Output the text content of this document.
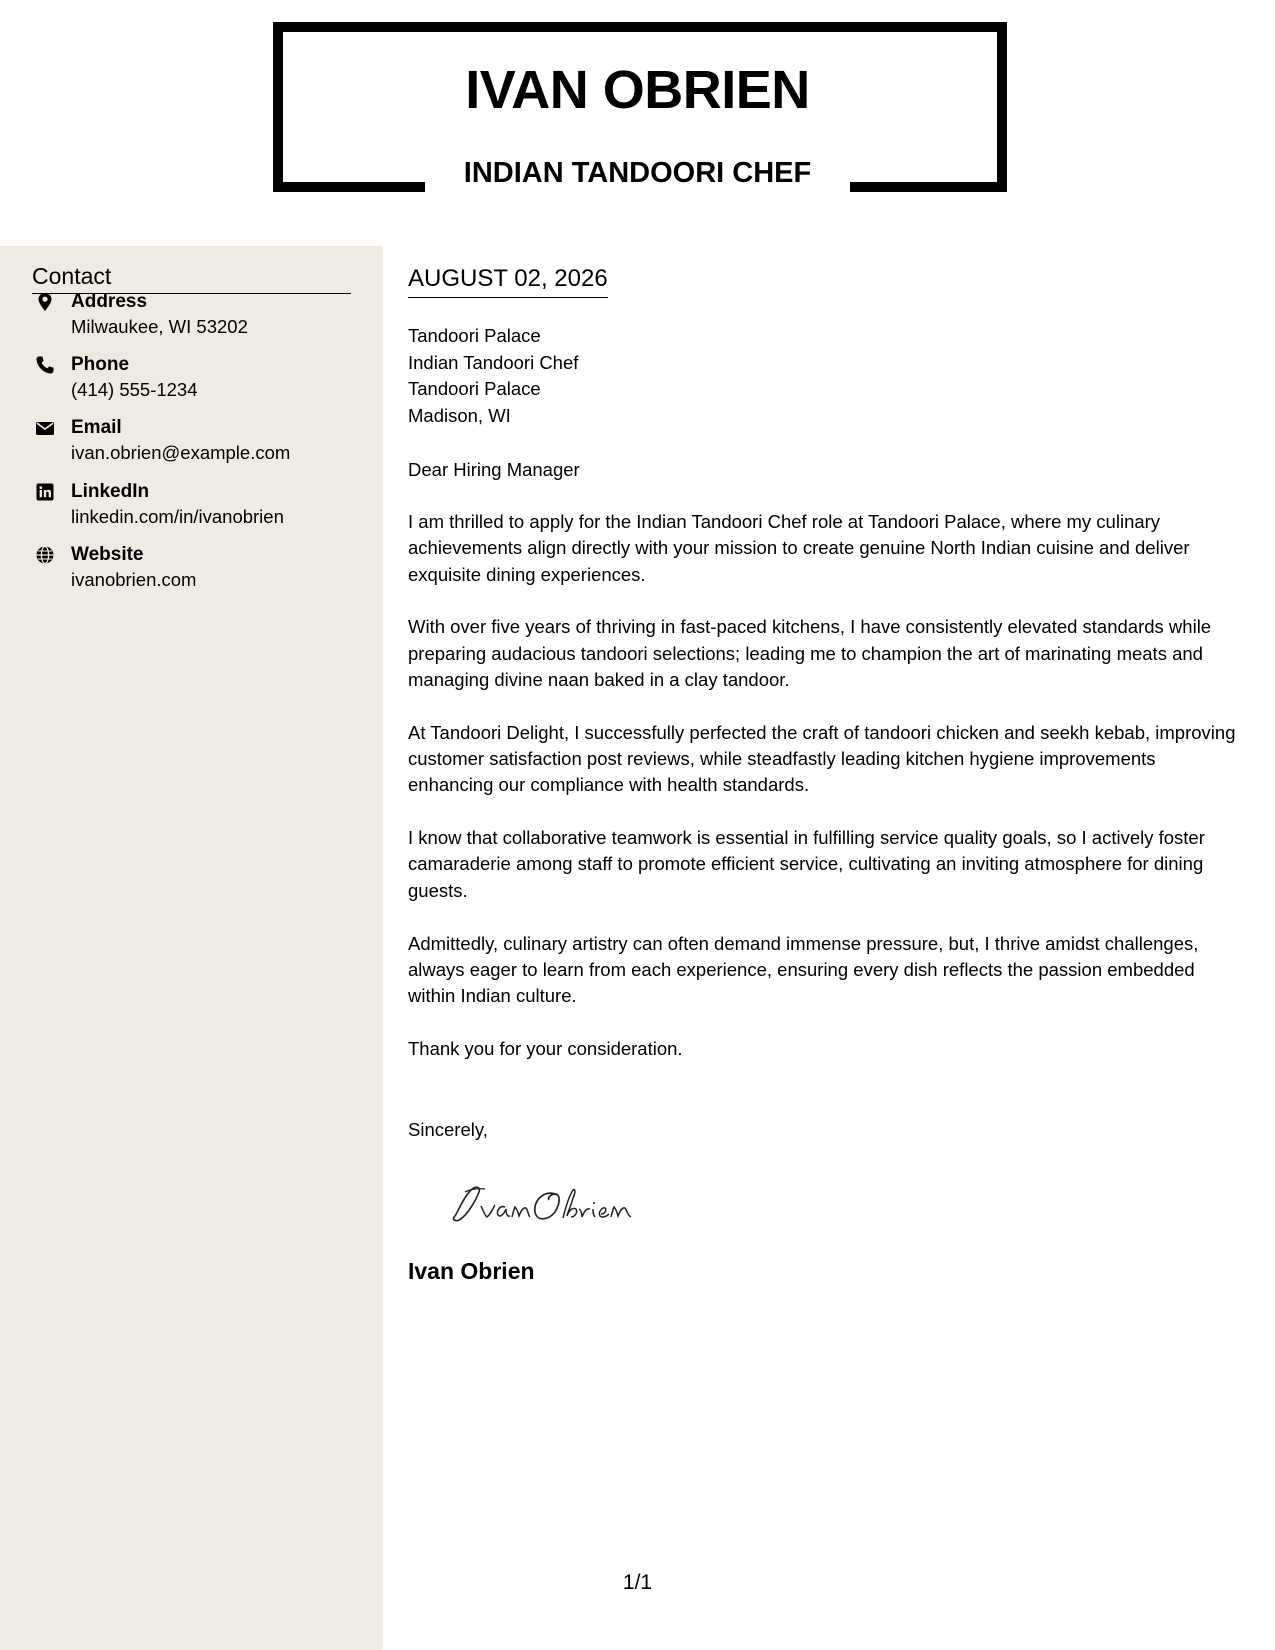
IVAN OBRIEN
INDIAN TANDOORI CHEF
Contact
Address
Milwaukee, WI 53202
Phone
(414) 555-1234
Email
ivan.obrien@example.com
LinkedIn
linkedin.com/in/ivanobrien
Website
ivanobrien.com
AUGUST 02, 2026
Tandoori Palace
Indian Tandoori Chef
Tandoori Palace
Madison, WI
Dear Hiring Manager

I am thrilled to apply for the Indian Tandoori Chef role at Tandoori Palace, where my culinary achievements align directly with your mission to create genuine North Indian cuisine and deliver exquisite dining experiences.

With over five years of thriving in fast-paced kitchens, I have consistently elevated standards while preparing audacious tandoori selections; leading me to champion the art of marinating meats and managing divine naan baked in a clay tandoor.

At Tandoori Delight, I successfully perfected the craft of tandoori chicken and seekh kebab, improving customer satisfaction post reviews, while steadfastly leading kitchen hygiene improvements enhancing our compliance with health standards.

I know that collaborative teamwork is essential in fulfilling service quality goals, so I actively foster camaraderie among staff to promote efficient service, cultivating an inviting atmosphere for dining guests.

Admittedly, culinary artistry can often demand immense pressure, but, I thrive amidst challenges, always eager to learn from each experience, ensuring every dish reflects the passion embedded within Indian culture.

Thank you for your consideration.

Sincerely,
Ivan Obrien
1/1
